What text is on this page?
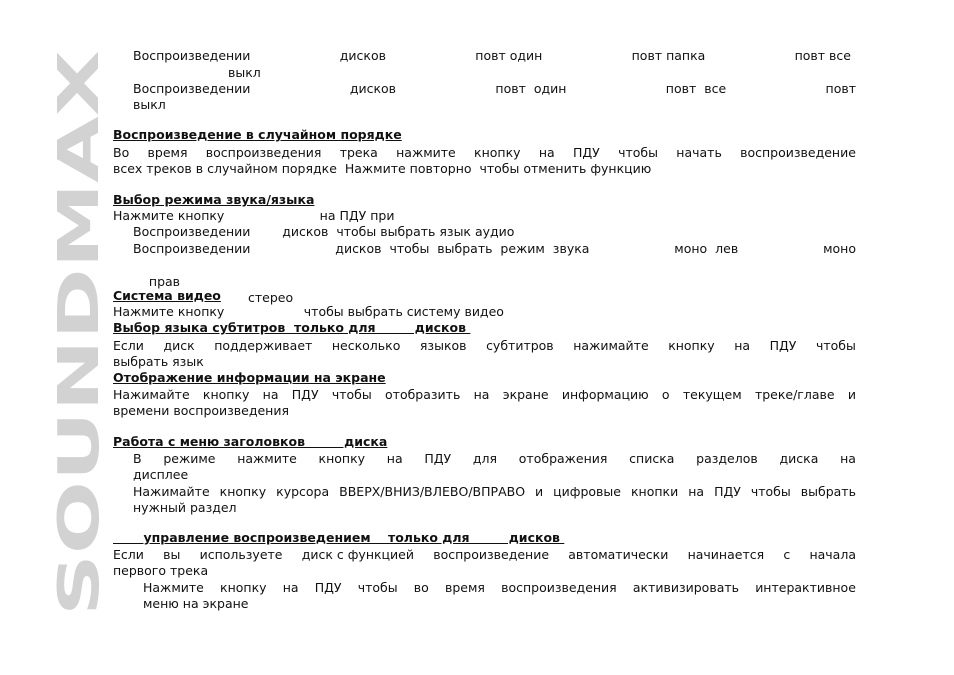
SOUNDMAX
Воспроизведении	дисков	повт один	повт папка	повт все
выкл
Воспроизведении	дисков	повт  один	повт  все	повт
выкл
Воспроизведение в случайном порядке
Во время воспроизведения трека нажмите кнопку на ПДУ чтобы начать воспроизведение
всех треков в случайном порядке  Нажмите повторно  чтобы отменить функцию
Выбор режима звука/языка
Нажмите кнопку                        на ПДУ при
Воспроизведении        дисков  чтобы выбрать язык аудио
Воспроизведении	дисков  чтобы  выбрать  режим  звука	моно  лев	моно

прав

стерео

Система видео
Нажмите кнопку                    чтобы выбрать систему видео
Выбор языка субтитров  только для         дисков
Если диск поддерживает несколько языков субтитров нажимайте кнопку на ПДУ чтобы
выбрать язык
Отображение информации на экране
Нажимайте кнопку на ПДУ чтобы отобразить на экране информацию о текущем треке/главе и
времени воспроизведения
Работа с меню заголовков         диска
В режиме нажмите кнопку на ПДУ для отображения списка разделов диска на
дисплее
Нажимайте кнопку курсора ВВЕРХ/ВНИЗ/ВЛЕВО/ВПРАВО и цифровые кнопки на ПДУ чтобы выбрать
нужный раздел
управление воспроизведением    только для         дисков
Если вы используете диск с функцией воспроизведение автоматически начинается с начала
первого трека
Нажмите кнопку на ПДУ чтобы во время воспроизведения активизировать интерактивное
меню на экране
